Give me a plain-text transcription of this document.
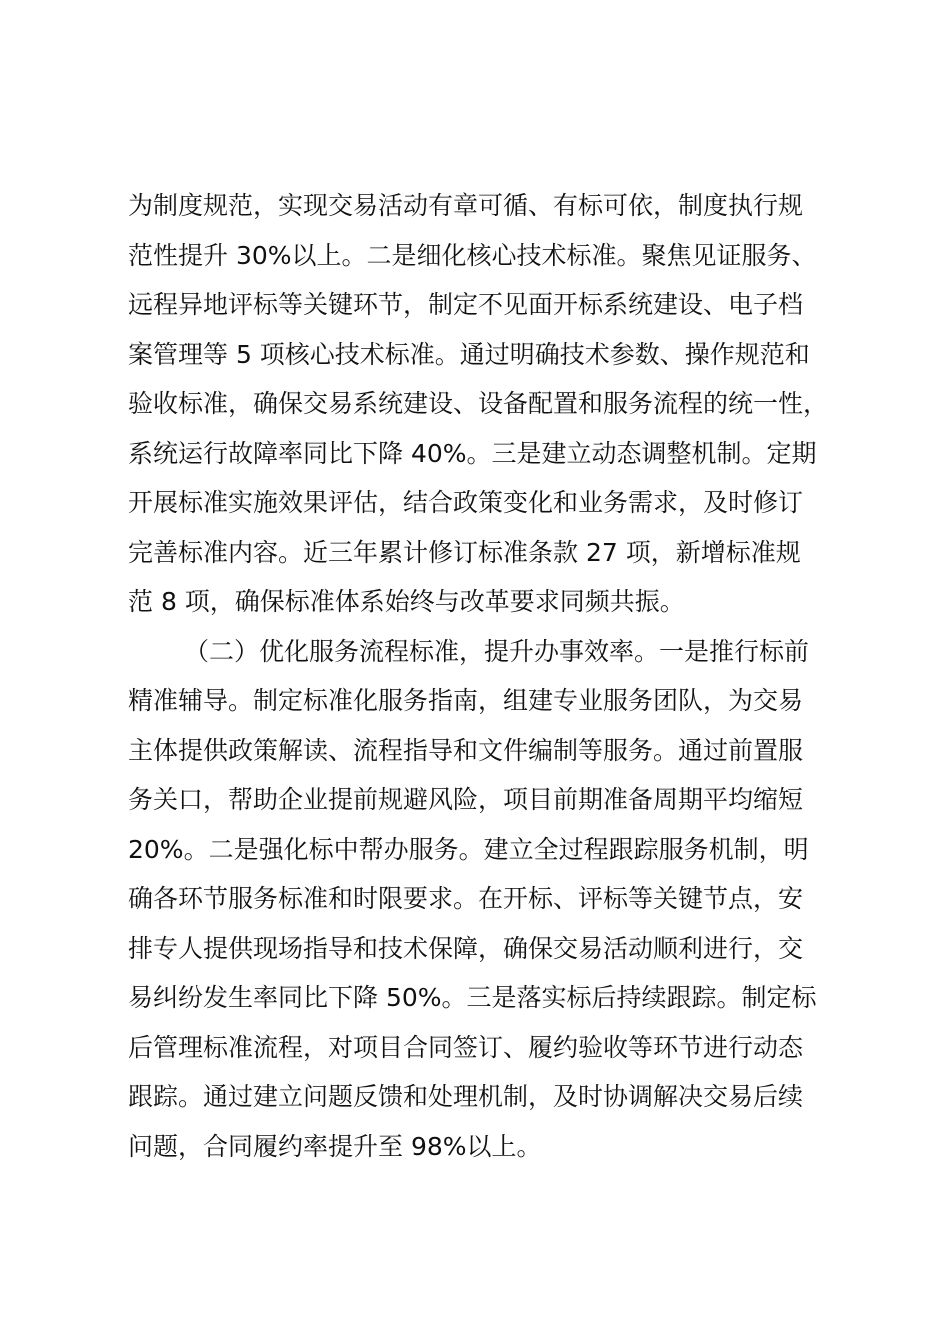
为制度规范，实现交易活动有章可循、有标可依，制度执行规
范性提升 30%以上。二是细化核心技术标准。聚焦见证服务、
远程异地评标等关键环节，制定不见面开标系统建设、电子档
案管理等 5 项核心技术标准。通过明确技术参数、操作规范和
验收标准，确保交易系统建设、设备配置和服务流程的统一性，
系统运行故障率同比下降 40%。三是建立动态调整机制。定期
开展标准实施效果评估，结合政策变化和业务需求，及时修订
完善标准内容。近三年累计修订标准条款 27 项，新增标准规
范 8 项，确保标准体系始终与改革要求同频共振。
（二）优化服务流程标准，提升办事效率。一是推行标前
精准辅导。制定标准化服务指南，组建专业服务团队，为交易
主体提供政策解读、流程指导和文件编制等服务。通过前置服
务关口，帮助企业提前规避风险，项目前期准备周期平均缩短
20%。二是强化标中帮办服务。建立全过程跟踪服务机制，明
确各环节服务标准和时限要求。在开标、评标等关键节点，安
排专人提供现场指导和技术保障，确保交易活动顺利进行，交
易纠纷发生率同比下降 50%。三是落实标后持续跟踪。制定标
后管理标准流程，对项目合同签订、履约验收等环节进行动态
跟踪。通过建立问题反馈和处理机制，及时协调解决交易后续
问题，合同履约率提升至 98%以上。
